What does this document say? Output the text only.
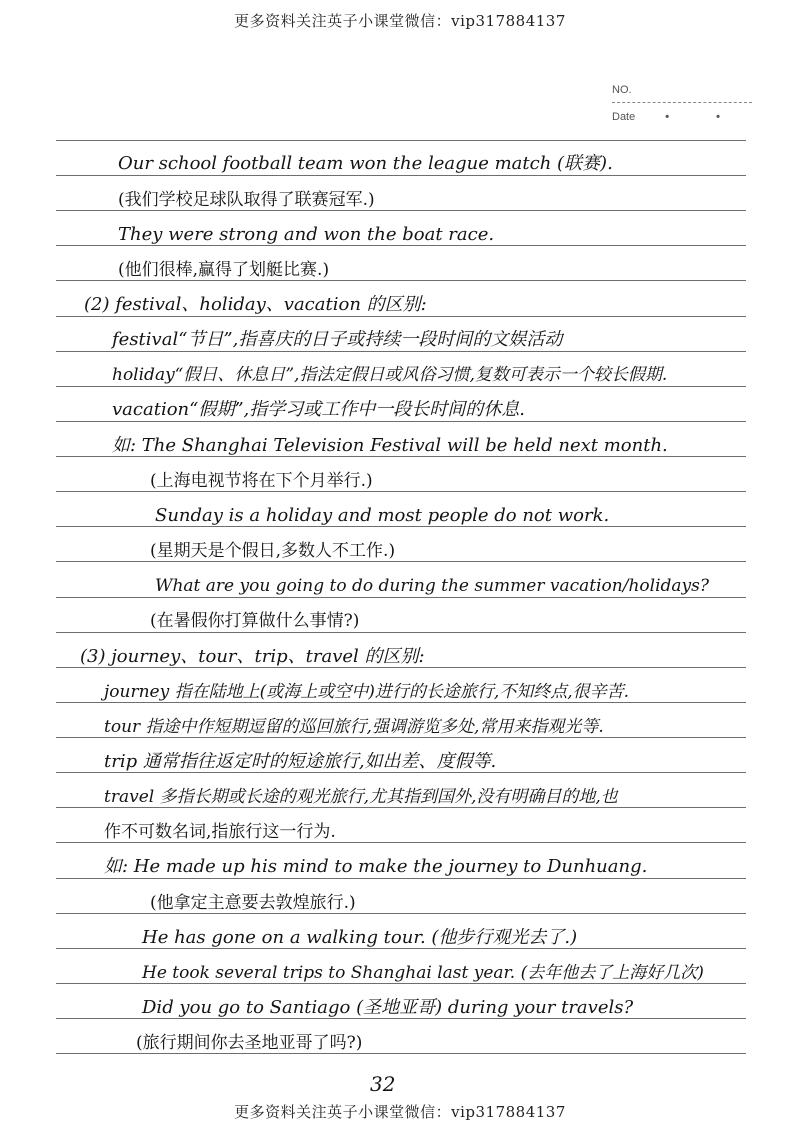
更多资料关注英子小课堂微信：vip317884137
NO.
Date	• •
Our school football team won the league match (联赛).
(我们学校足球队取得了联赛冠军.)
They were strong and won the boat race.
(他们很棒,赢得了划艇比赛.)
(2) festival、holiday、vacation 的区别:
festival“节日”,指喜庆的日子或持续一段时间的文娱活动
holiday“假日、休息日”,指法定假日或风俗习惯,复数可表示一个较长假期.
vacation“假期”,指学习或工作中一段长时间的休息.
如: The Shanghai Television Festival will be held next month.
(上海电视节将在下个月举行.)
Sunday is a holiday and most people do not work.
(星期天是个假日,多数人不工作.)
What are you going to do during the summer vacation/holidays?
(在暑假你打算做什么事情?)
(3) journey、tour、trip、travel 的区别:
journey 指在陆地上(或海上或空中)进行的长途旅行,不知终点,很辛苦.
tour 指途中作短期逗留的巡回旅行,强调游览多处,常用来指观光等.
trip 通常指往返定时的短途旅行,如出差、度假等.
travel 多指长期或长途的观光旅行,尤其指到国外,没有明确目的地,也
作不可数名词,指旅行这一行为.
如: He made up his mind to make the journey to Dunhuang.
(他拿定主意要去敦煌旅行.)
He has gone on a walking tour. (他步行观光去了.)
He took several trips to Shanghai last year. (去年他去了上海好几次)
Did you go to Santiago (圣地亚哥) during your travels?
(旅行期间你去圣地亚哥了吗?)
32
更多资料关注英子小课堂微信：vip317884137
